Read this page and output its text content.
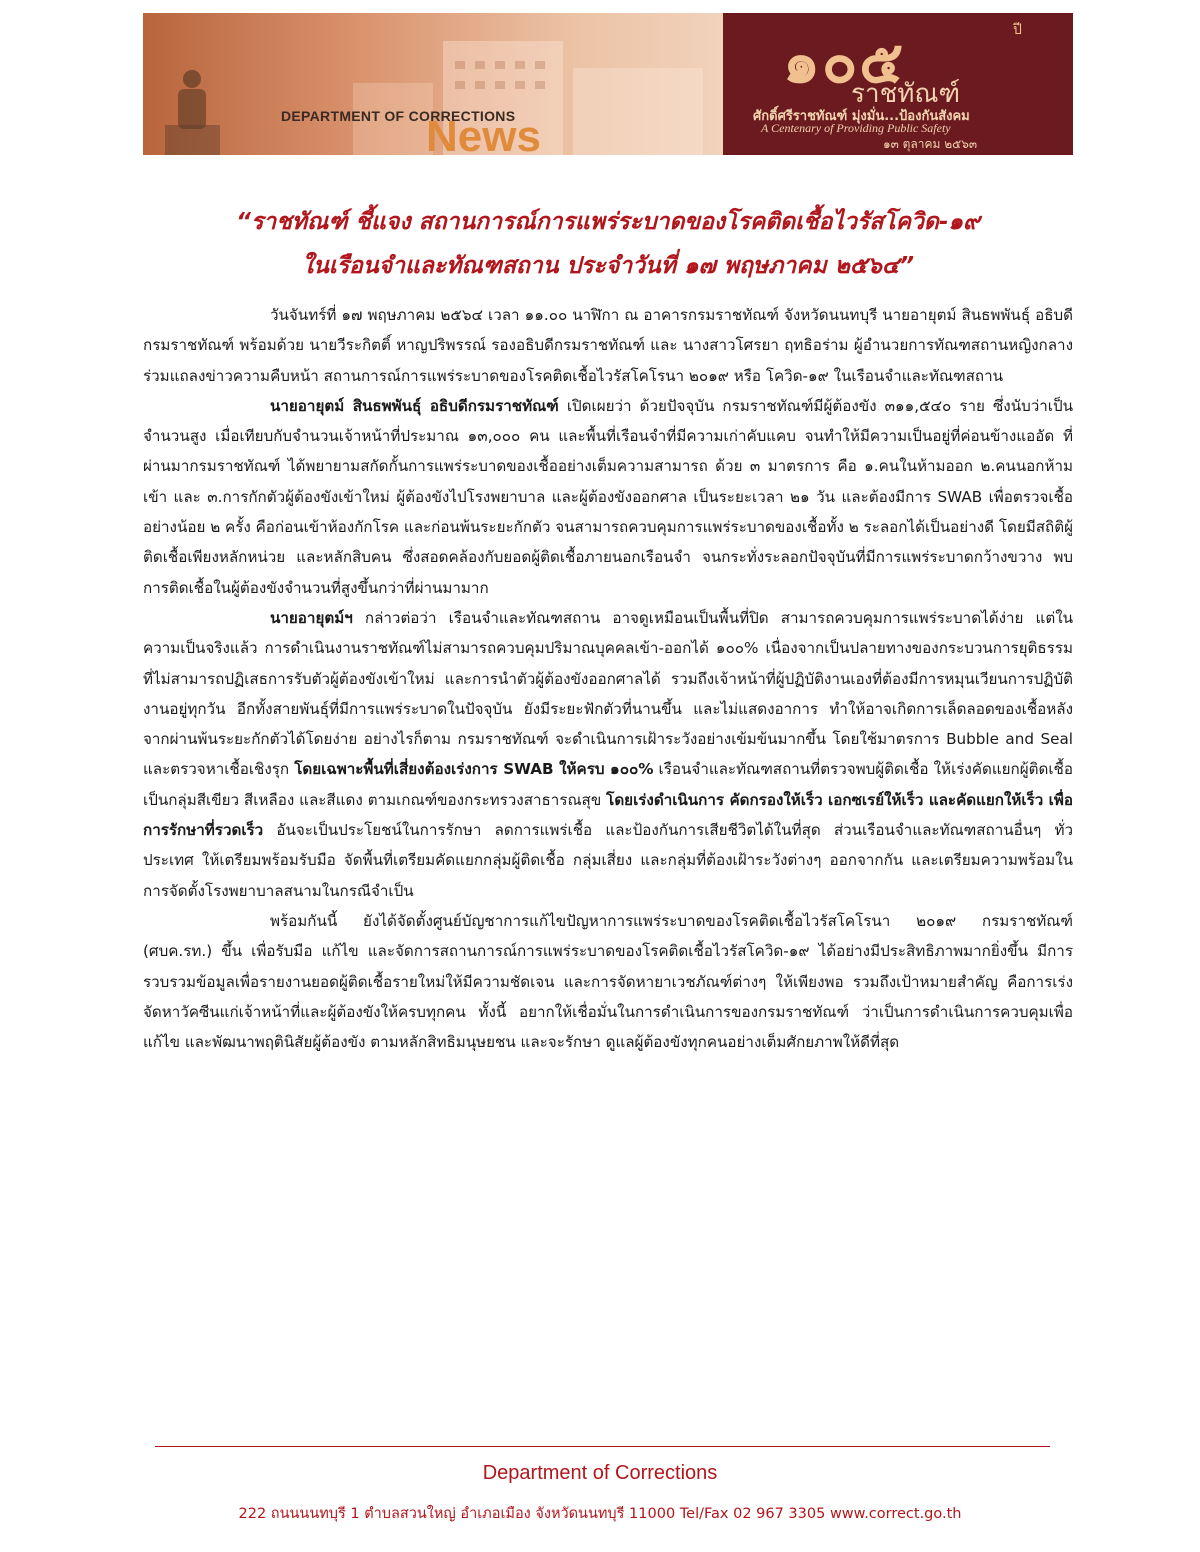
DEPARTMENT OF CORRECTIONS
News
๑๐๕	ปี
ราชทัณฑ์
ศักดิ์ศรีราชทัณฑ์ มุ่งมั่น...ป้องกันสังคม
A Centenary of Providing Public Safety
๑๓ ตุลาคม ๒๕๖๓
“ราชทัณฑ์ ชี้แจง สถานการณ์การแพร่ระบาดของโรคติดเชื้อไวรัสโควิด-๑๙
ในเรือนจำและทัณฑสถาน ประจำวันที่ ๑๗ พฤษภาคม ๒๕๖๔”

วันจันทร์ที่ ๑๗ พฤษภาคม ๒๕๖๔ เวลา ๑๑.๐๐ นาฬิกา ณ อาคารกรมราชทัณฑ์ จังหวัดนนทบุรี นายอายุตม์ สินธพพันธุ์ อธิบดีกรมราชทัณฑ์ พร้อมด้วย นายวีระกิตติ์ หาญปริพรรณ์ รองอธิบดีกรมราชทัณฑ์ และ นางสาวโศรยา ฤทธิอร่าม ผู้อำนวยการทัณฑสถานหญิงกลาง ร่วมแถลงข่าวความคืบหน้า สถานการณ์การแพร่ระบาดของโรคติดเชื้อไวรัสโคโรนา ๒๐๑๙ หรือ โควิด-๑๙ ในเรือนจำและทัณฑสถาน

นายอายุตม์ สินธพพันธุ์ อธิบดีกรมราชทัณฑ์ เปิดเผยว่า ด้วยปัจจุบัน กรมราชทัณฑ์มีผู้ต้องขัง ๓๑๑,๕๔๐ ราย ซึ่งนับว่าเป็นจำนวนสูง เมื่อเทียบกับจำนวนเจ้าหน้าที่ประมาณ ๑๓,๐๐๐ คน และพื้นที่เรือนจำที่มีความเก่าคับแคบ จนทำให้มีความเป็นอยู่ที่ค่อนข้างแออัด ที่ผ่านมากรมราชทัณฑ์ ได้พยายามสกัดกั้นการแพร่ระบาดของเชื้ออย่างเต็มความสามารถ ด้วย ๓ มาตรการ คือ ๑.คนในห้ามออก ๒.คนนอกห้ามเข้า และ ๓.การกักตัวผู้ต้องขังเข้าใหม่ ผู้ต้องขังไปโรงพยาบาล และผู้ต้องขังออกศาล เป็นระยะเวลา ๒๑ วัน และต้องมีการ SWAB เพื่อตรวจเชื้ออย่างน้อย ๒ ครั้ง คือก่อนเข้าห้องกักโรค และก่อนพ้นระยะกักตัว จนสามารถควบคุมการแพร่ระบาดของเชื้อทั้ง ๒ ระลอกได้เป็นอย่างดี โดยมีสถิติผู้ติดเชื้อเพียงหลักหน่วย และหลักสิบคน ซึ่งสอดคล้องกับยอดผู้ติดเชื้อภายนอกเรือนจำ จนกระทั่งระลอกปัจจุบันที่มีการแพร่ระบาดกว้างขวาง พบการติดเชื้อในผู้ต้องขังจำนวนที่สูงขึ้นกว่าที่ผ่านมามาก

นายอายุตม์ฯ กล่าวต่อว่า เรือนจำและทัณฑสถาน อาจดูเหมือนเป็นพื้นที่ปิด สามารถควบคุมการแพร่ระบาดได้ง่าย แต่ในความเป็นจริงแล้ว การดำเนินงานราชทัณฑ์ไม่สามารถควบคุมปริมาณบุคคลเข้า-ออกได้ ๑๐๐% เนื่องจากเป็นปลายทางของกระบวนการยุติธรรม ที่ไม่สามารถปฏิเสธการรับตัวผู้ต้องขังเข้าใหม่ และการนำตัวผู้ต้องขังออกศาลได้ รวมถึงเจ้าหน้าที่ผู้ปฏิบัติงานเองที่ต้องมีการหมุนเวียนการปฏิบัติงานอยู่ทุกวัน อีกทั้งสายพันธุ์ที่มีการแพร่ระบาดในปัจจุบัน ยังมีระยะฟักตัวที่นานขึ้น และไม่แสดงอาการ ทำให้อาจเกิดการเล็ดลอดของเชื้อหลังจากผ่านพ้นระยะกักตัวได้โดยง่าย อย่างไรก็ตาม กรมราชทัณฑ์ จะดำเนินการเฝ้าระวังอย่างเข้มข้นมากขึ้น โดยใช้มาตรการ Bubble and Seal และตรวจหาเชื้อเชิงรุก โดยเฉพาะพื้นที่เสี่ยงต้องเร่งการ SWAB ให้ครบ ๑๐๐% เรือนจำและทัณฑสถานที่ตรวจพบผู้ติดเชื้อ ให้เร่งคัดแยกผู้ติดเชื้อเป็นกลุ่มสีเขียว สีเหลือง และสีแดง ตามเกณฑ์ของกระทรวงสาธารณสุข โดยเร่งดำเนินการ คัดกรองให้เร็ว เอกซเรย์ให้เร็ว และคัดแยกให้เร็ว เพื่อการรักษาที่รวดเร็ว อันจะเป็นประโยชน์ในการรักษา ลดการแพร่เชื้อ และป้องกันการเสียชีวิตได้ในที่สุด ส่วนเรือนจำและทัณฑสถานอื่นๆ ทั่วประเทศ ให้เตรียมพร้อมรับมือ จัดพื้นที่เตรียมคัดแยกกลุ่มผู้ติดเชื้อ กลุ่มเสี่ยง และกลุ่มที่ต้องเฝ้าระวังต่างๆ ออกจากกัน และเตรียมความพร้อมในการจัดตั้งโรงพยาบาลสนามในกรณีจำเป็น

พร้อมกันนี้ ยังได้จัดตั้งศูนย์บัญชาการแก้ไขปัญหาการแพร่ระบาดของโรคติดเชื้อไวรัสโคโรนา ๒๐๑๙ กรมราชทัณฑ์ (ศบค.รท.) ขึ้น เพื่อรับมือ แก้ไข และจัดการสถานการณ์การแพร่ระบาดของโรคติดเชื้อไวรัสโควิด-๑๙ ได้อย่างมีประสิทธิภาพมากยิ่งขึ้น มีการรวบรวมข้อมูลเพื่อรายงานยอดผู้ติดเชื้อรายใหม่ให้มีความชัดเจน และการจัดหายาเวชภัณฑ์ต่างๆ ให้เพียงพอ รวมถึงเป้าหมายสำคัญ คือการเร่งจัดหาวัคซีนแก่เจ้าหน้าที่และผู้ต้องขังให้ครบทุกคน ทั้งนี้ อยากให้เชื่อมั่นในการดำเนินการของกรมราชทัณฑ์ ว่าเป็นการดำเนินการควบคุมเพื่อแก้ไข และพัฒนาพฤตินิสัยผู้ต้องขัง ตามหลักสิทธิมนุษยชน และจะรักษา ดูแลผู้ต้องขังทุกคนอย่างเต็มศักยภาพให้ดีที่สุด

Department of Corrections
222 ถนนนนทบุรี 1 ตำบลสวนใหญ่ อำเภอเมือง จังหวัดนนทบุรี 11000 Tel/Fax 02 967 3305 www.correct.go.th
